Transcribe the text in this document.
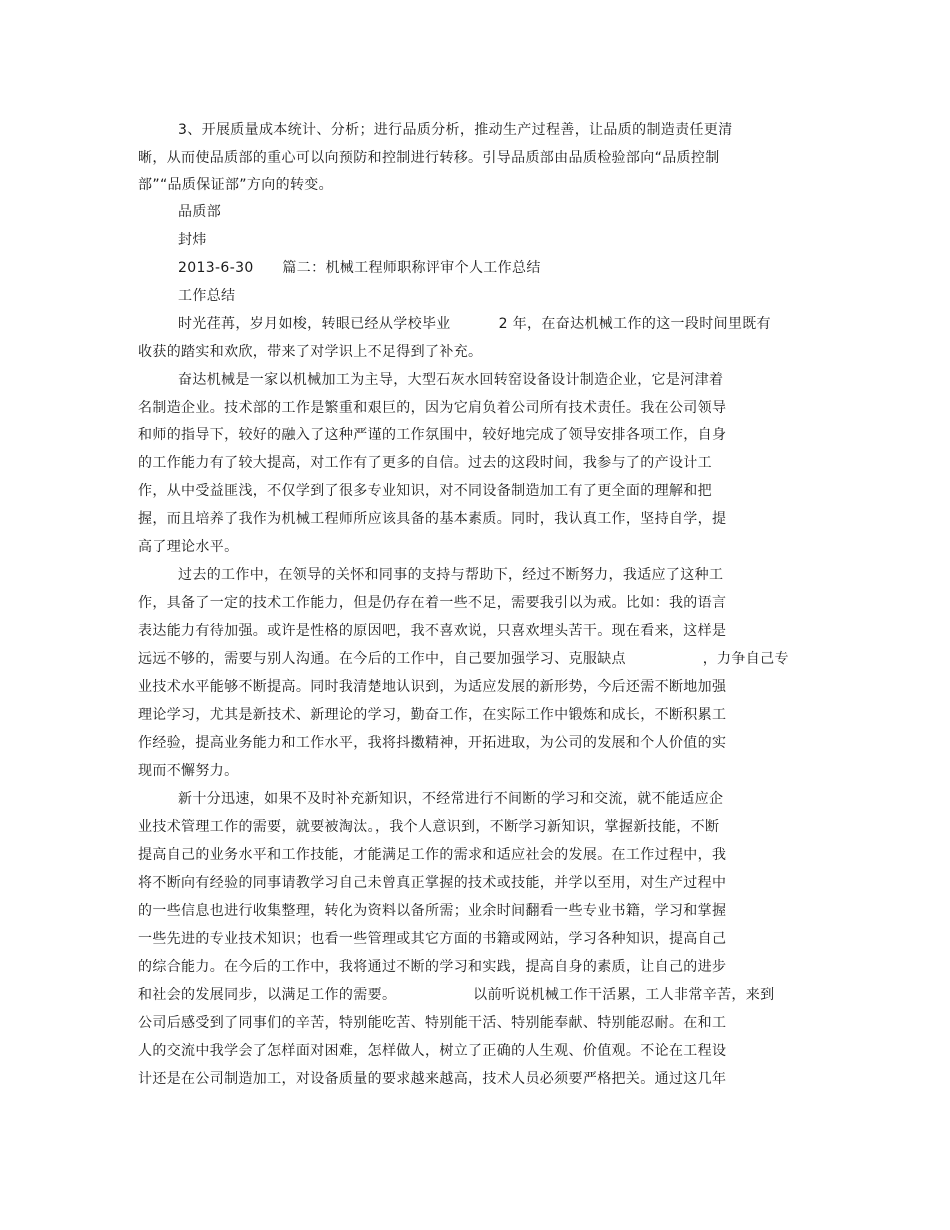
3、开展质量成本统计、分析；进行品质分析，推动生产过程善，让品质的制造责任更清
晰，从而使品质部的重心可以向预防和控制进行转移。引导品质部由品质检验部向“品质控制
部”“品质保证部”方向的转变。
品质部
封炜
2013-6-30      篇二：机械工程师职称评审个人工作总结
工作总结
时光荏苒，岁月如梭，转眼已经从学校毕业          2 年，在奋达机械工作的这一段时间里既有
收获的踏实和欢欣，带来了对学识上不足得到了补充。
奋达机械是一家以机械加工为主导，大型石灰水回转窑设备设计制造企业，它是河津着
名制造企业。技术部的工作是繁重和艰巨的，因为它肩负着公司所有技术责任。我在公司领导
和师的指导下，较好的融入了这种严谨的工作氛围中，较好地完成了领导安排各项工作，自身
的工作能力有了较大提高，对工作有了更多的自信。过去的这段时间，我参与了的产设计工
作，从中受益匪浅，不仅学到了很多专业知识，对不同设备制造加工有了更全面的理解和把
握，而且培养了我作为机械工程师所应该具备的基本素质。同时，我认真工作，坚持自学，提
高了理论水平。
过去的工作中，在领导的关怀和同事的支持与帮助下，经过不断努力，我适应了这种工
作，具备了一定的技术工作能力，但是仍存在着一些不足，需要我引以为戒。比如：我的语言
表达能力有待加强。或许是性格的原因吧，我不喜欢说，只喜欢埋头苦干。现在看来，这样是
远远不够的，需要与别人沟通。在今后的工作中，自己要加强学习、克服缺点                ，力争自己专
业技术水平能够不断提高。同时我清楚地认识到，为适应发展的新形势，今后还需不断地加强
理论学习，尤其是新技术、新理论的学习，勤奋工作，在实际工作中锻炼和成长，不断积累工
作经验，提高业务能力和工作水平，我将抖擞精神，开拓进取，为公司的发展和个人价值的实
现而不懈努力。
新十分迅速，如果不及时补充新知识，不经常进行不间断的学习和交流，就不能适应企
业技术管理工作的需要，就要被淘汰。，我个人意识到，不断学习新知识，掌握新技能，不断
提高自己的业务水平和工作技能，才能满足工作的需求和适应社会的发展。在工作过程中，我
将不断向有经验的同事请教学习自己未曾真正掌握的技术或技能，并学以至用，对生产过程中
的一些信息也进行收集整理，转化为资料以备所需；业余时间翻看一些专业书籍，学习和掌握
一些先进的专业技术知识；也看一些管理或其它方面的书籍或网站，学习各种知识，提高自己
的综合能力。在今后的工作中，我将通过不断的学习和实践，提高自身的素质，让自己的进步
和社会的发展同步，以满足工作的需要。                以前听说机械工作干活累，工人非常辛苦，来到
公司后感受到了同事们的辛苦，特别能吃苦、特别能干活、特别能奉献、特别能忍耐。在和工
人的交流中我学会了怎样面对困难，怎样做人，树立了正确的人生观、价值观。不论在工程设
计还是在公司制造加工，对设备质量的要求越来越高，技术人员必须要严格把关。通过这几年
